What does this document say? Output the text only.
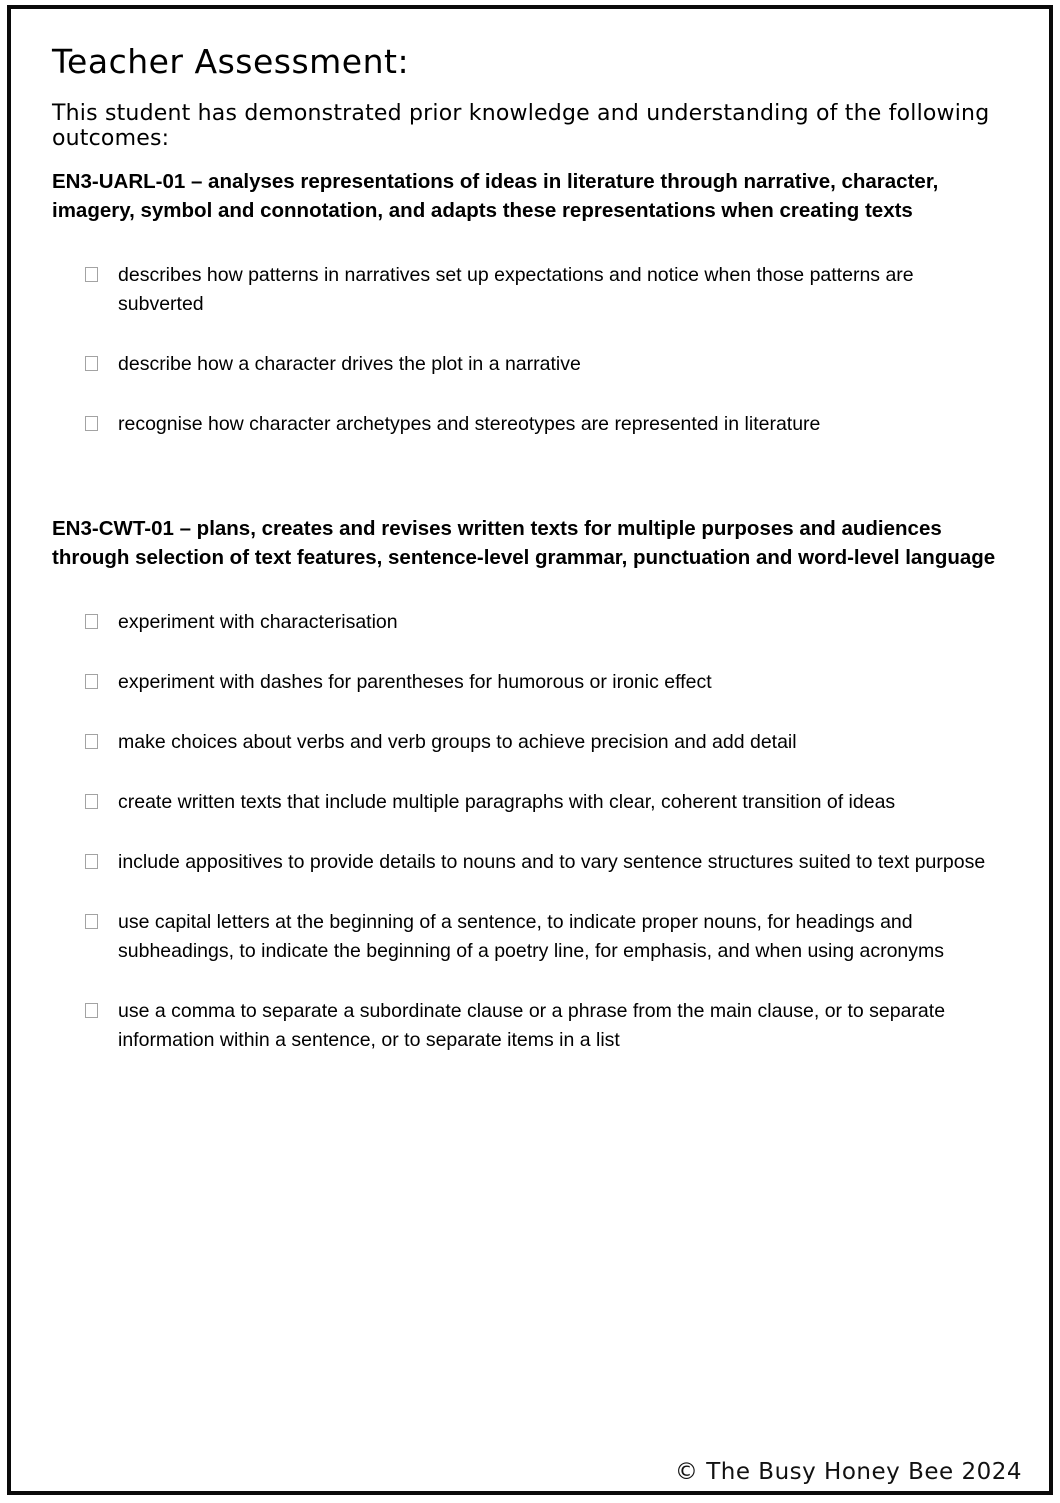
Teacher Assessment:

This student has demonstrated prior knowledge and understanding of the following outcomes:

EN3-UARL-01 – analyses representations of ideas in literature through narrative, character, imagery, symbol and connotation, and adapts these representations when creating texts
describes how patterns in narratives set up expectations and notice when those patterns are subverted
describe how a character drives the plot in a narrative
recognise how character archetypes and stereotypes are represented in literature
EN3-CWT-01 – plans, creates and revises written texts for multiple purposes and audiences through selection of text features, sentence-level grammar, punctuation and word-level language
experiment with characterisation
experiment with dashes for parentheses for humorous or ironic effect
make choices about verbs and verb groups to achieve precision and add detail
create written texts that include multiple paragraphs with clear, coherent transition of ideas
include appositives to provide details to nouns and to vary sentence structures suited to text purpose
use capital letters at the beginning of a sentence, to indicate proper nouns, for headings and subheadings, to indicate the beginning of a poetry line, for emphasis, and when using acronyms
use a comma to separate a subordinate clause or a phrase from the main clause, or to separate information within a sentence, or to separate items in a list
© The Busy Honey Bee 2024
